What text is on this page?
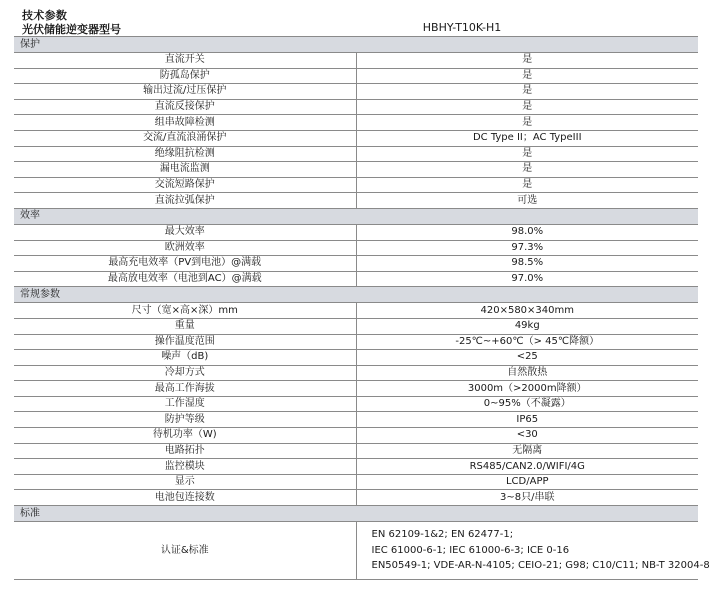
技术参数
光伏储能逆变器型号	HBHY-T10K-H1
保护	
直流开关	是
防孤岛保护	是
输出过流/过压保护	是
直流反接保护	是
组串故障检测	是
交流/直流浪涌保护	DC Type II；AC TypeIII
绝缘阻抗检测	是
漏电流监测	是
交流短路保护	是
直流拉弧保护	可选
效率	
最大效率	98.0%
欧洲效率	97.3%
最高充电效率（PV到电池）@满载	98.5%
最高放电效率（电池到AC）@满载	97.0%
常规参数	
尺寸（宽×高×深）mm	420×580×340mm
重量	49kg
操作温度范围	-25℃~+60℃（> 45℃降额）
噪声（dB)	<25
冷却方式	自然散热
最高工作海拔	3000m（>2000m降额）
工作湿度	0~95%（不凝露）
防护等级	IP65
待机功率（W)	<30
电路拓扑	无隔离
监控模块	RS485/CAN2.0/WIFI/4G
显示	LCD/APP
电池包连接数	3~8只/串联
标准	
认证&标准	EN 62109-1&2; EN 62477-1;
IEC 61000-6-1; IEC 61000-6-3; ICE 0-16
EN50549-1; VDE-AR-N-4105; CEIO-21; G98; C10/C11; NB-T 32004-8
